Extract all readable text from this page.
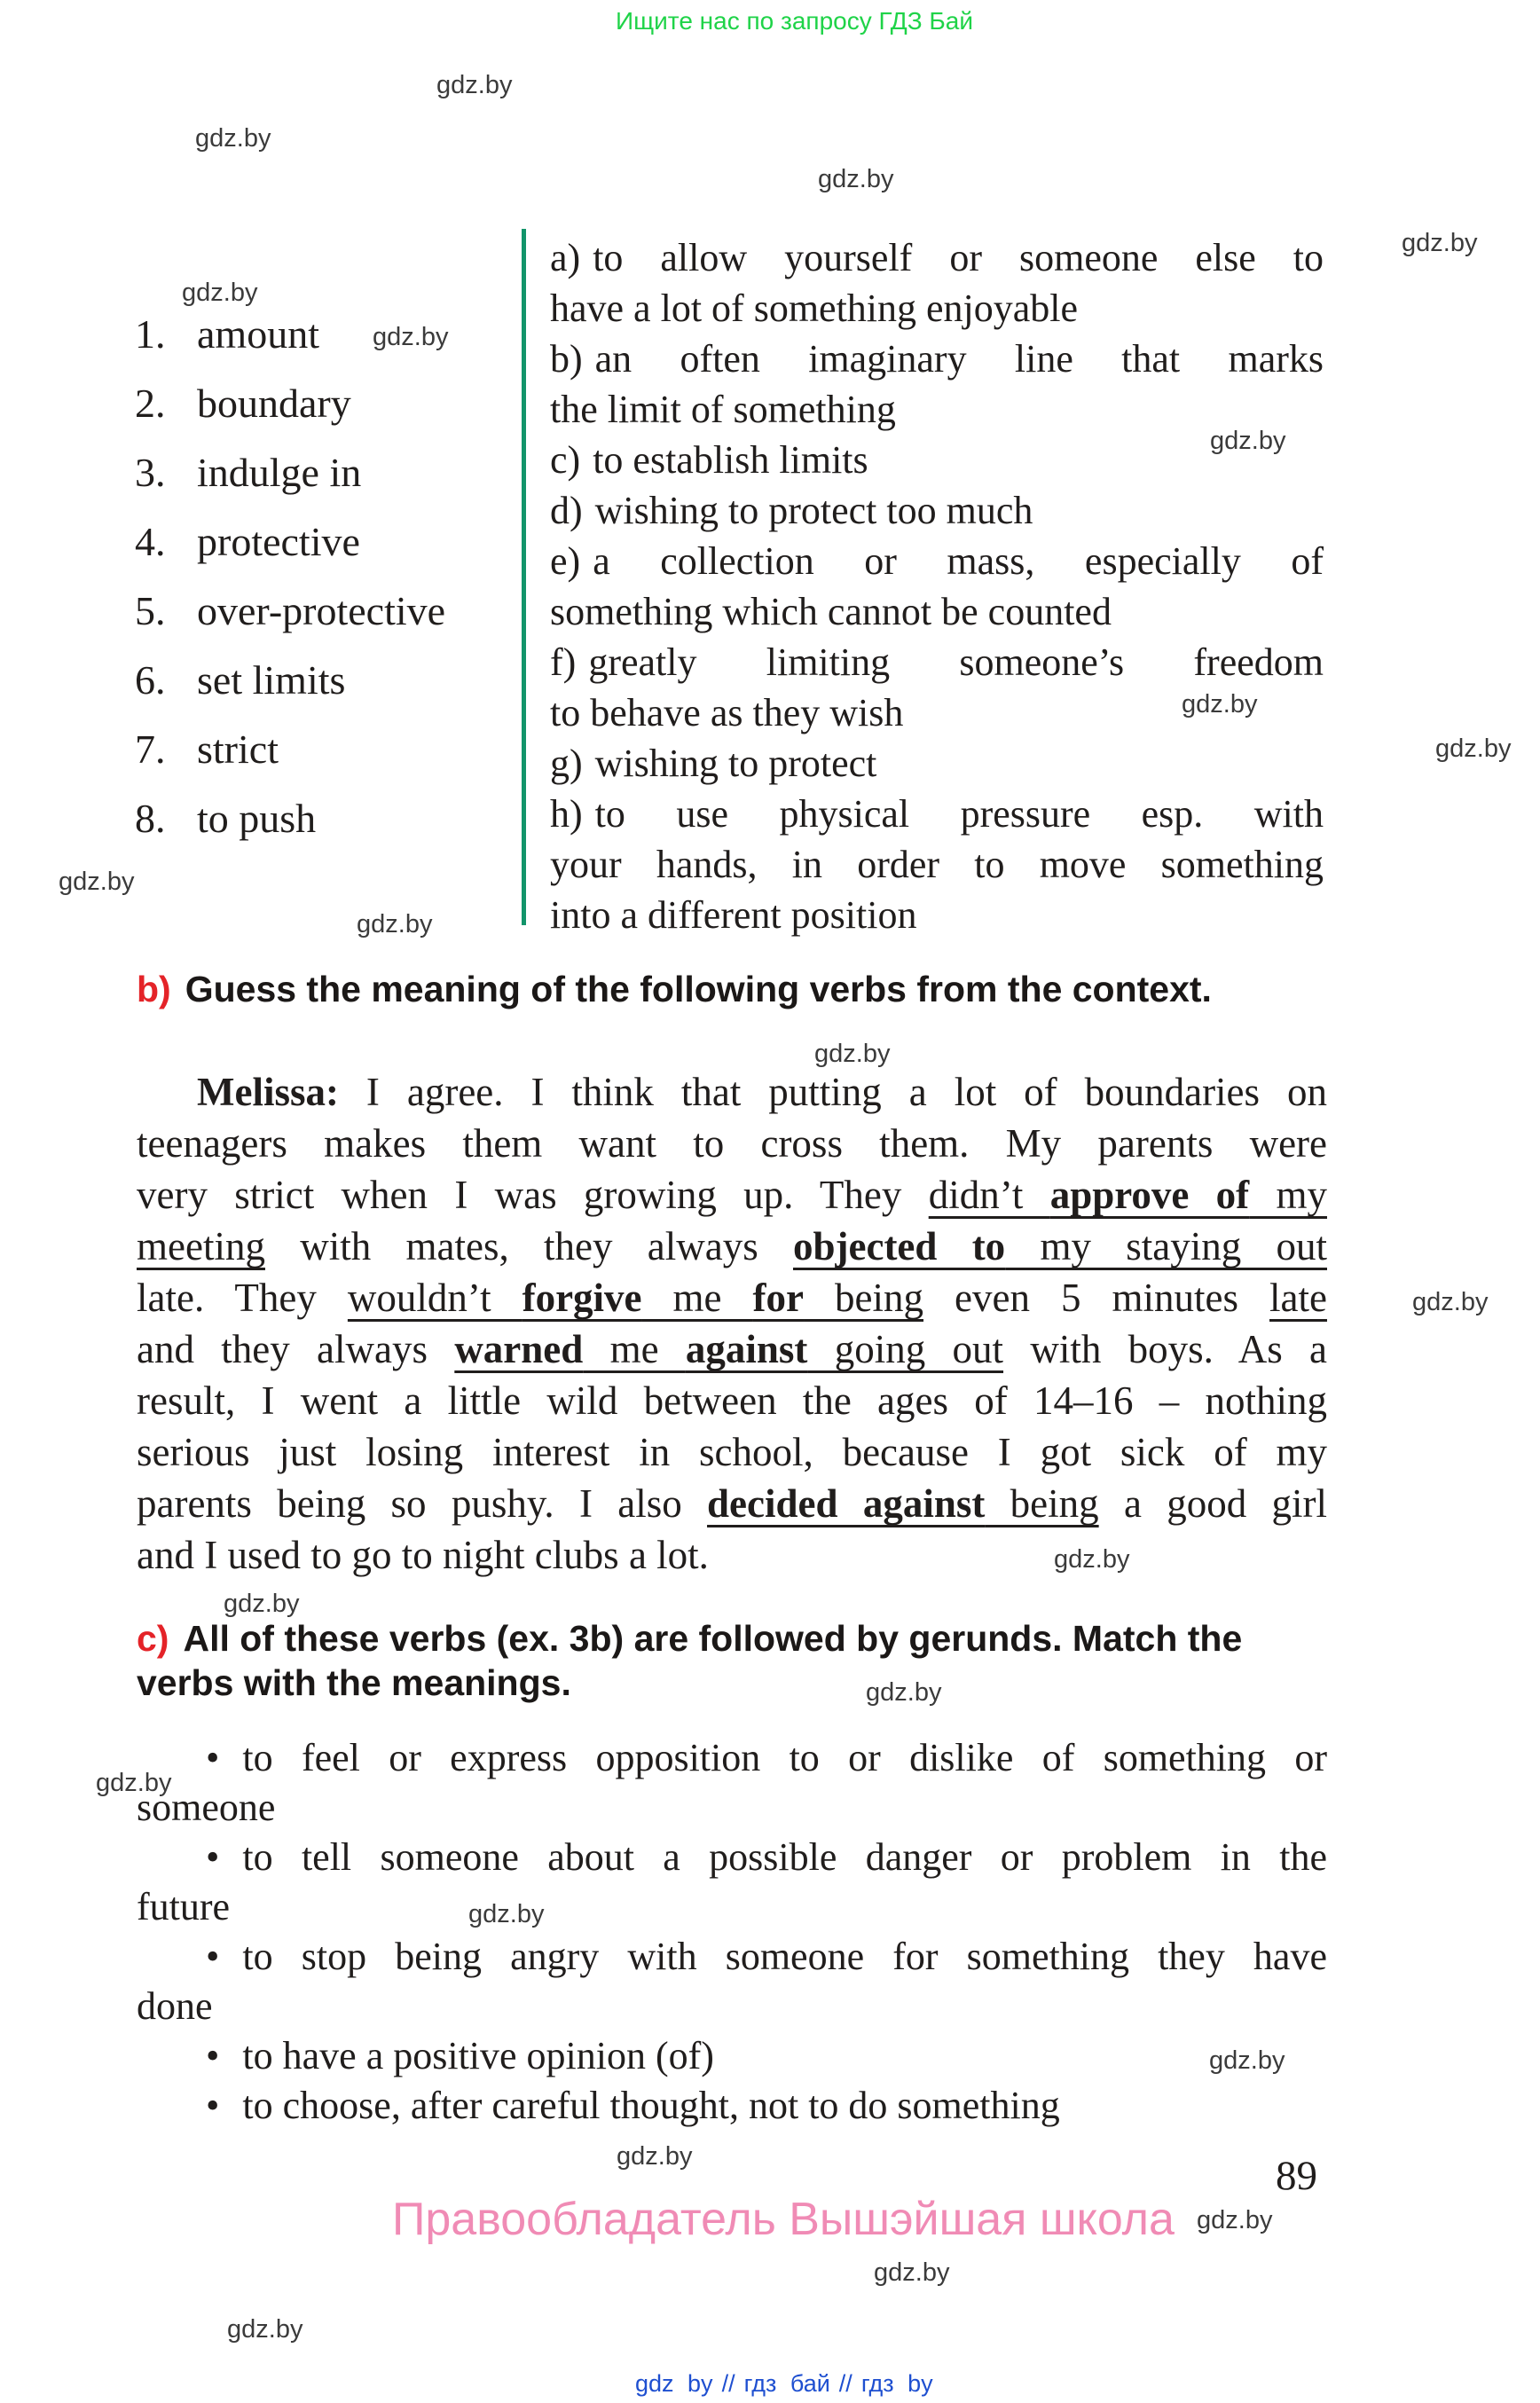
Ищите нас по запросу ГДЗ Бай
gdz.by
gdz.by
gdz.by
gdz.by
gdz.by
gdz.by
gdz.by
gdz.by
gdz.by
gdz.by
gdz.by
gdz.by
gdz.by
gdz.by
gdz.by
gdz.by
gdz.by
gdz.by
gdz.by
gdz.by
gdz.by
gdz.by
gdz.by
1. amount
2. boundary
3. indulge in
4. protective
5. over-protective
6. set limits
7. strict
8. to push
a) to allow yourself or someone else to
have a lot of something enjoyable
b) an often imaginary line that marks
the limit of something
c) to establish limits
d) wishing to protect too much
e) a collection or mass, especially of
something which cannot be counted
f) greatly limiting someone’s freedom
to behave as they wish
g) wishing to protect
h) to use physical pressure esp. with
your hands, in order to move something
into a different position
b) Guess the meaning of the following verbs from the context.
Melissa: I agree. I think that putting a lot of boundaries on
teenagers makes them want to cross them. My parents were
very strict when I was growing up. They didn’t approve of my
meeting with mates, they always objected to my staying out
late. They wouldn’t forgive me for being even 5 minutes late
and they always warned me against going out with boys. As a
result, I went a little wild between the ages of 14–16 – nothing
serious just losing interest in school, because I got sick of my
parents being so pushy. I also decided against being a good girl
and I used to go to night clubs a lot.
c) All of these verbs (ex. 3b) are followed by gerunds. Match the
verbs with the meanings.
• to feel or express opposition to or dislike of something or
someone
• to tell someone about a possible danger or problem in the
future
• to stop being angry with someone for something they have
done
• to have a positive opinion (of)
• to choose, after careful thought, not to do something
89
Правообладатель Вышэйшая школа
gdz by // гдз бай // гдз by
